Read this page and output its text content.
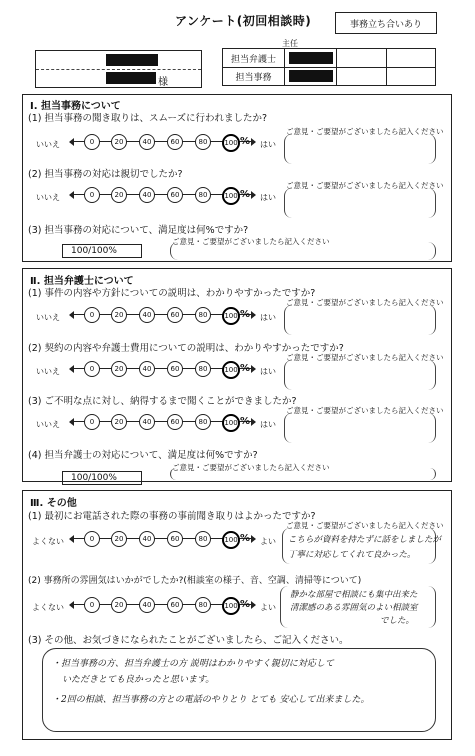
アンケート(初回相談時)	事務立ち合いあり
様
主任
担当弁護士
担当事務
Ⅰ. 担当事務について
(1) 担当事務の聞き取りは、スムーズに行われましたか?
いいえ	0	20	40	60	80	100 % はい
ご意見・ご要望がございましたら記入ください
(2) 担当事務の対応は親切でしたか?
いいえ	0	20	40	60	80	100 % はい
ご意見・ご要望がございましたら記入ください
(3) 担当事務の対応について、満足度は何%ですか?
100/100%
ご意見・ご要望がございましたら記入ください
Ⅱ. 担当弁護士について
(1) 事件の内容や方針についての説明は、わかりやすかったですか?
いいえ	0	20	40	60	80	100 % はい
ご意見・ご要望がございましたら記入ください
(2) 契約の内容や弁護士費用についての説明は、わかりやすかったですか?
いいえ	0	20	40	60	80	100 % はい
ご意見・ご要望がございましたら記入ください
(3) ご不明な点に対し、納得するまで聞くことができましたか?
いいえ	0	20	40	60	80	100 % はい
ご意見・ご要望がございましたら記入ください
(4) 担当弁護士の対応について、満足度は何%ですか?
100/100%
ご意見・ご要望がございましたら記入ください
Ⅲ. その他
(1) 最初にお電話された際の事務の事前聞き取りはよかったですか?
よくない	0	20	40	60	80	100 % よい
ご意見・ご要望がございましたら記入ください
こちらが資料を持たずに話をしましたが
丁寧に対応してくれて良かった。
(2) 事務所の雰囲気はいかがでしたか?(相談室の様子、音、空調、清掃等について)
よくない	0	20	40	60	80	100 % よい
静かな部屋で相談にも集中出来た
清潔感のある雰囲気のよい相談室
でした。
(3) その他、お気づきになられたことがございましたら、ご記入ください。
・担当事務の方、担当弁護士の方 説明はわかりやすく親切に対応して
いただきとても良かったと思います。
・2回の相談、担当事務の方との電話のやりとり とても 安心して出来ました。
